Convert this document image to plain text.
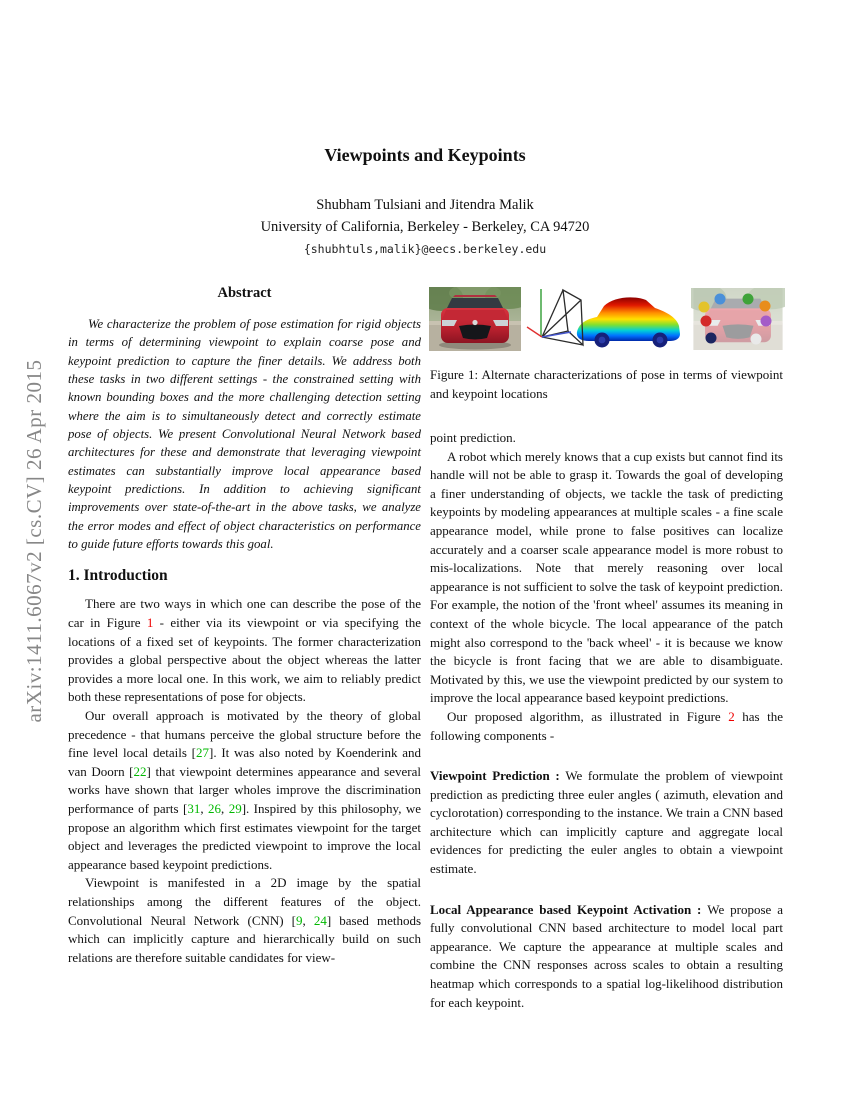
arXiv:1411.6067v2 [cs.CV] 26 Apr 2015
Viewpoints and Keypoints
Shubham Tulsiani and Jitendra Malik
University of California, Berkeley - Berkeley, CA 94720
{shubhtuls,malik}@eecs.berkeley.edu
Abstract
We characterize the problem of pose estimation for rigid objects in terms of determining viewpoint to explain coarse pose and keypoint prediction to capture the finer details. We address both these tasks in two different settings - the constrained setting with known bounding boxes and the more challenging detection setting where the aim is to simultaneously detect and correctly estimate pose of objects. We present Convolutional Neural Network based architectures for these and demonstrate that leveraging viewpoint estimates can substantially improve local appearance based keypoint predictions. In addition to achieving significant improvements over state-of-the-art in the above tasks, we analyze the error modes and effect of object characteristics on performance to guide future efforts towards this goal.
1. Introduction

There are two ways in which one can describe the pose of the car in Figure 1 - either via its viewpoint or via specifying the locations of a fixed set of keypoints. The former characterization provides a global perspective about the object whereas the latter provides a more local one. In this work, we aim to reliably predict both these representations of pose for objects.

Our overall approach is motivated by the theory of global precedence - that humans perceive the global structure before the fine level local details [27]. It was also noted by Koenderink and van Doorn [22] that viewpoint determines appearance and several works have shown that larger wholes improve the discrimination performance of parts [31, 26, 29]. Inspired by this philosophy, we propose an algorithm which first estimates viewpoint for the target object and leverages the predicted viewpoint to improve the local appearance based keypoint predictions.

Viewpoint is manifested in a 2D image by the spatial relationships among the different features of the object. Convolutional Neural Network (CNN) [9, 24] based methods which can implicitly capture and hierarchically build on such relations are therefore suitable candidates for view-

Figure 1: Alternate characterizations of pose in terms of viewpoint and keypoint locations

point prediction.

A robot which merely knows that a cup exists but cannot find its handle will not be able to grasp it. Towards the goal of developing a finer understanding of objects, we tackle the task of predicting keypoints by modeling appearances at multiple scales - a fine scale appearance model, while prone to false positives can localize accurately and a coarser scale appearance model is more robust to mis-localizations. Note that merely reasoning over local appearance is not sufficient to solve the task of keypoint prediction. For example, the notion of the 'front wheel' assumes its meaning in context of the whole bicycle. The local appearance of the patch might also correspond to the 'back wheel' - it is because we know the bicycle is front facing that we are able to disambiguate. Motivated by this, we use the viewpoint predicted by our system to improve the local appearance based keypoint predictions.

Our proposed algorithm, as illustrated in Figure 2 has the following components -

Viewpoint Prediction : We formulate the problem of viewpoint prediction as predicting three euler angles ( azimuth, elevation and cyclorotation) corresponding to the instance. We train a CNN based architecture which can implicitly capture and aggregate local evidences for predicting the euler angles to obtain a viewpoint estimate.

Local Appearance based Keypoint Activation : We propose a fully convolutional CNN based architecture to model local part appearance. We capture the appearance at multiple scales and combine the CNN responses across scales to obtain a resulting heatmap which corresponds to a spatial log-likelihood distribution for each keypoint.
